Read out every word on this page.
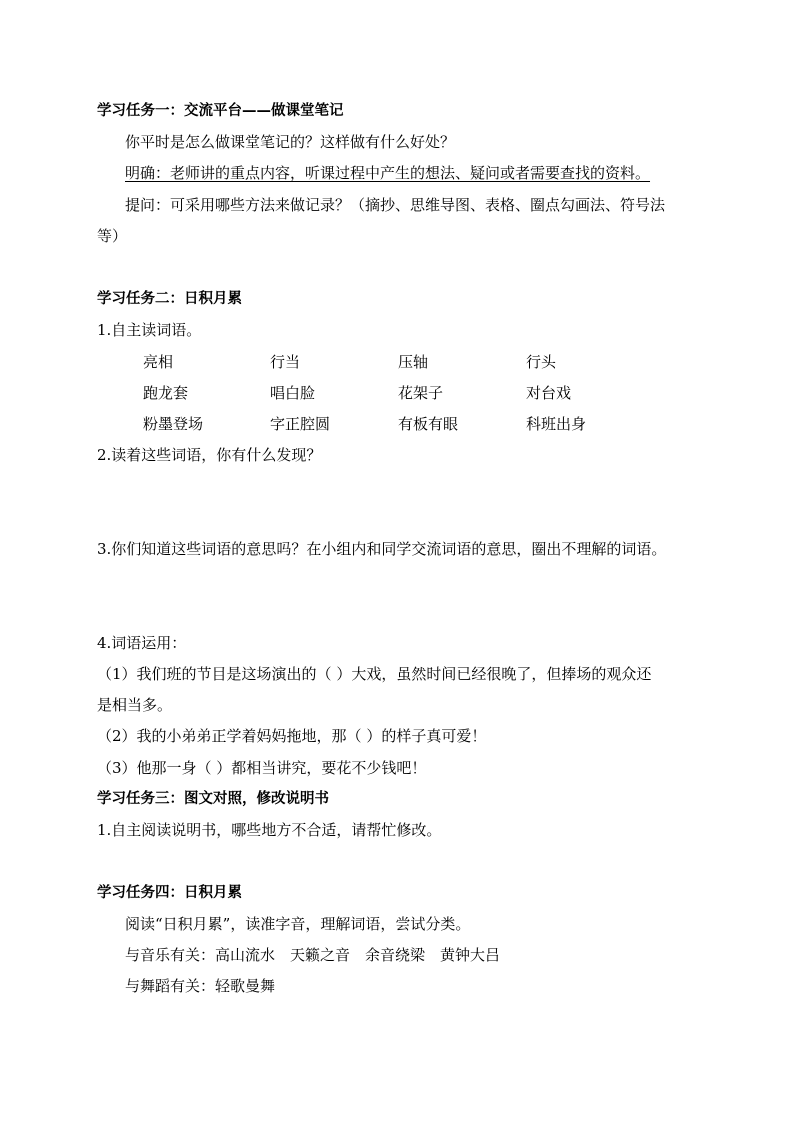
学习任务一：交流平台——做课堂笔记
你平时是怎么做课堂笔记的？这样做有什么好处？
明确：老师讲的重点内容，听课过程中产生的想法、疑问或者需要查找的资料。
提问：可采用哪些方法来做记录？（摘抄、思维导图、表格、圈点勾画法、符号法
等）
学习任务二：日积月累
1.自主读词语。
亮相	行当	压轴	行头
跑龙套	唱白脸	花架子	对台戏
粉墨登场	字正腔圆	有板有眼	科班出身
2.读着这些词语，你有什么发现？
3.你们知道这些词语的意思吗？在小组内和同学交流词语的意思，圈出不理解的词语。
4.词语运用：
（1）我们班的节目是这场演出的（ ）大戏，虽然时间已经很晚了，但捧场的观众还
是相当多。
（2）我的小弟弟正学着妈妈拖地，那（ ）的样子真可爱！
（3）他那一身（ ）都相当讲究，要花不少钱吧！
学习任务三：图文对照，修改说明书
1.自主阅读说明书，哪些地方不合适，请帮忙修改。
学习任务四：日积月累
阅读“日积月累”，读准字音，理解词语，尝试分类。
与音乐有关：高山流水　天籁之音　余音绕梁　黄钟大吕
与舞蹈有关：轻歌曼舞
